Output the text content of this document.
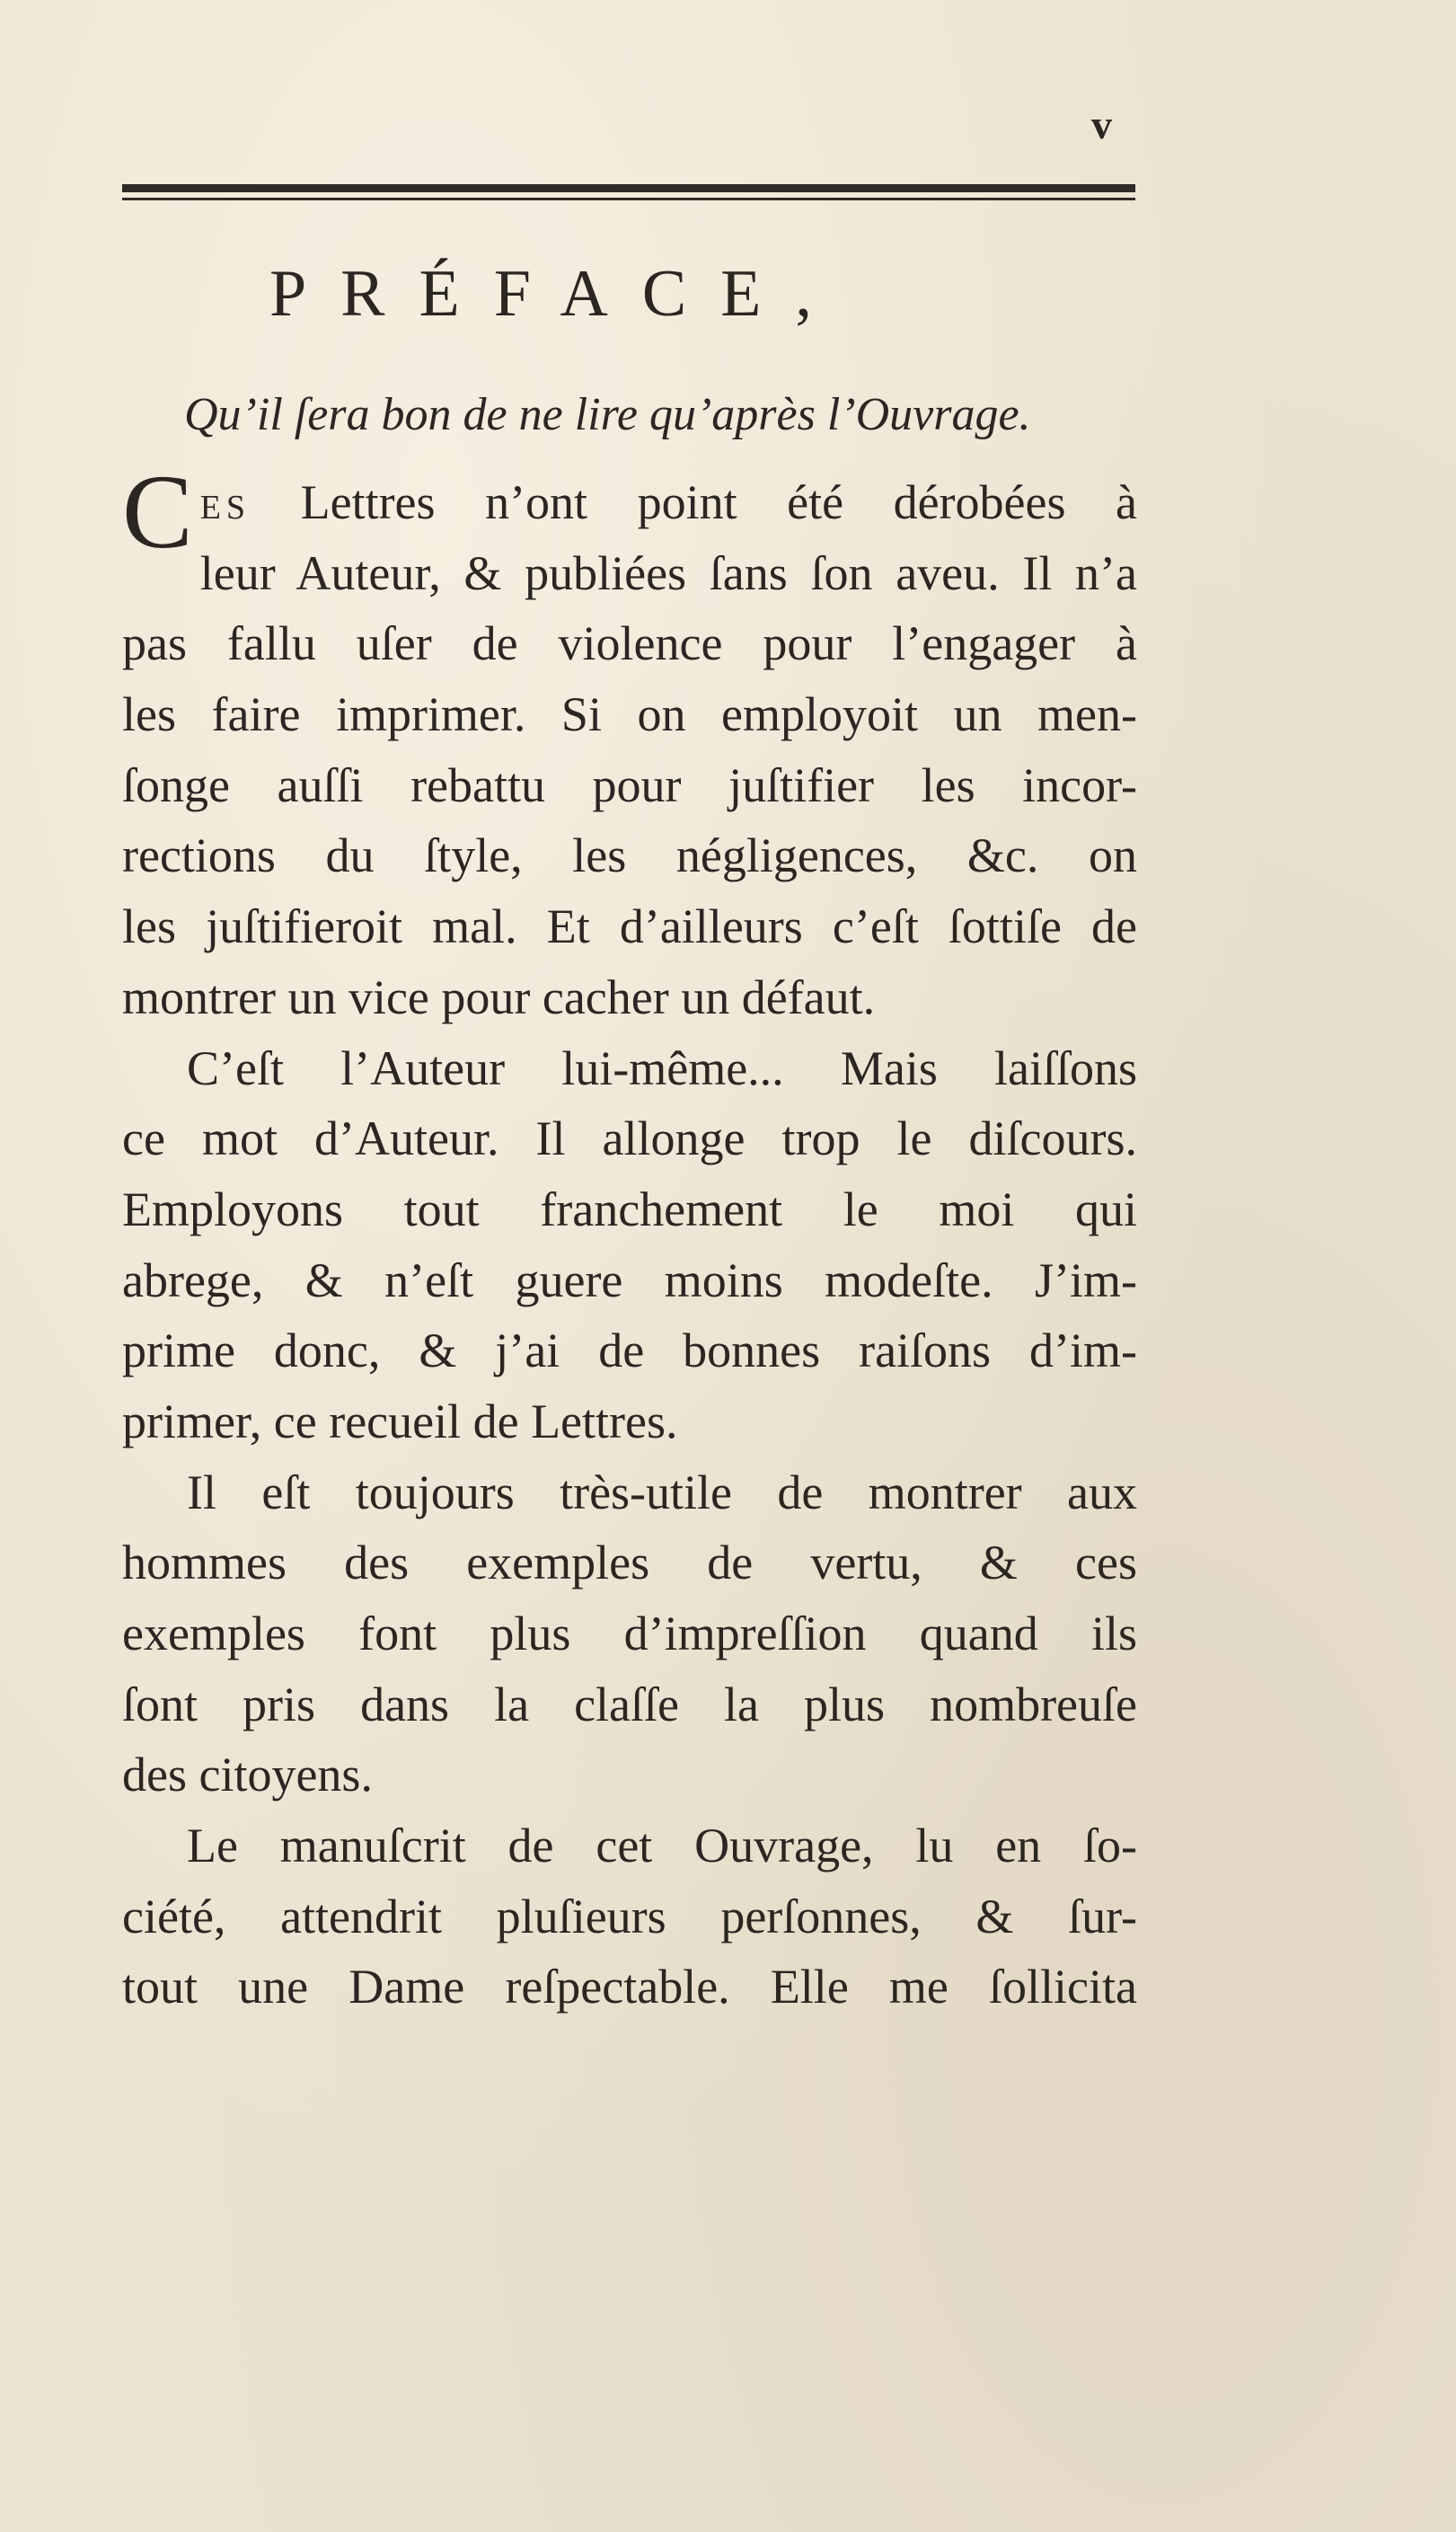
v
PRÉFACE,
Qu’il ſera bon de ne lire qu’après l’Ouvrage.
Ces Lettres n’ont point été dérobées à
leur Auteur, & publiées ſans ſon aveu. Il n’a
pas fallu uſer de violence pour l’engager à
les faire imprimer. Si on employoit un men-
ſonge auſſi rebattu pour juſtifier les incor-
rections du ſtyle, les négligences, &c. on
les juſtifieroit mal. Et d’ailleurs c’eſt ſottiſe de
montrer un vice pour cacher un défaut.
C’eſt l’Auteur lui-même... Mais laiſſons
ce mot d’Auteur. Il allonge trop le diſcours.
Employons tout franchement le moi qui
abrege, & n’eſt guere moins modeſte. J’im-
prime donc, & j’ai de bonnes raiſons d’im-
primer, ce recueil de Lettres.
Il eſt toujours très-utile de montrer aux
hommes des exemples de vertu, & ces
exemples font plus d’impreſſion quand ils
ſont pris dans la claſſe la plus nombreuſe
des citoyens.
Le manuſcrit de cet Ouvrage, lu en ſo-
ciété, attendrit pluſieurs perſonnes, & ſur-
tout une Dame reſpectable. Elle me ſollicita
